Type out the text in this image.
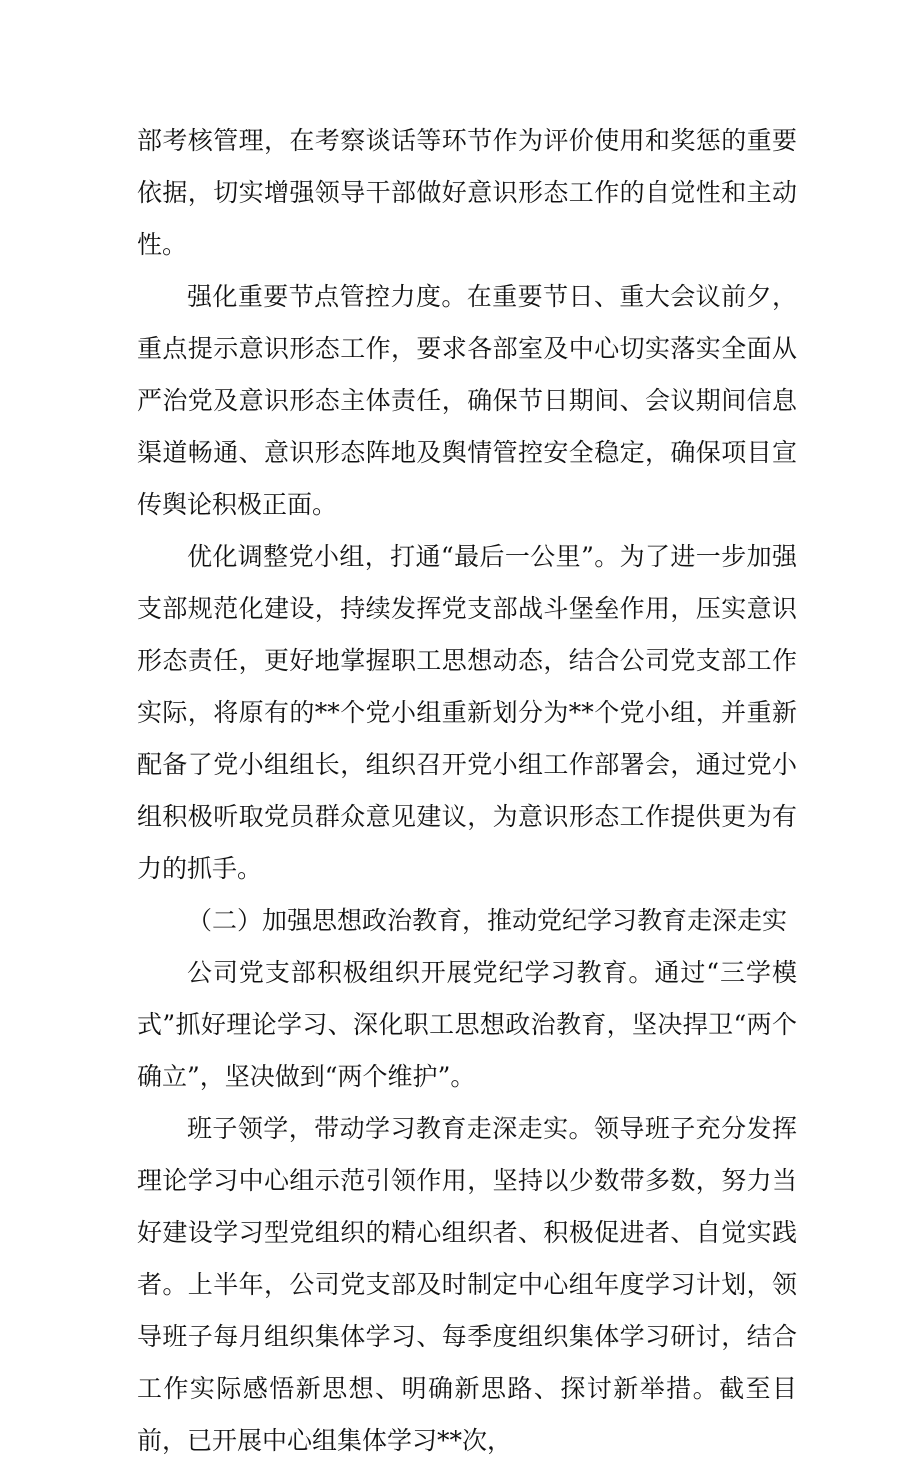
部考核管理，在考察谈话等环节作为评价使用和奖惩的重要依据，切实增强领导干部做好意识形态工作的自觉性和主动性。

强化重要节点管控力度。在重要节日、重大会议前夕，重点提示意识形态工作，要求各部室及中心切实落实全面从严治党及意识形态主体责任，确保节日期间、会议期间信息渠道畅通、意识形态阵地及舆情管控安全稳定，确保项目宣传舆论积极正面。

优化调整党小组，打通“最后一公里”。为了进一步加强支部规范化建设，持续发挥党支部战斗堡垒作用，压实意识形态责任，更好地掌握职工思想动态，结合公司党支部工作实际，将原有的**个党小组重新划分为**个党小组，并重新配备了党小组组长，组织召开党小组工作部署会，通过党小组积极听取党员群众意见建议，为意识形态工作提供更为有力的抓手。

（二）加强思想政治教育，推动党纪学习教育走深走实

公司党支部积极组织开展党纪学习教育。通过“三学模式”抓好理论学习、深化职工思想政治教育，坚决捍卫“两个确立”，坚决做到“两个维护”。

班子领学，带动学习教育走深走实。领导班子充分发挥理论学习中心组示范引领作用，坚持以少数带多数，努力当好建设学习型党组织的精心组织者、积极促进者、自觉实践者。上半年，公司党支部及时制定中心组年度学习计划，领导班子每月组织集体学习、每季度组织集体学习研讨，结合工作实际感悟新思想、明确新思路、探讨新举措。截至目前，已开展中心组集体学习**次，
